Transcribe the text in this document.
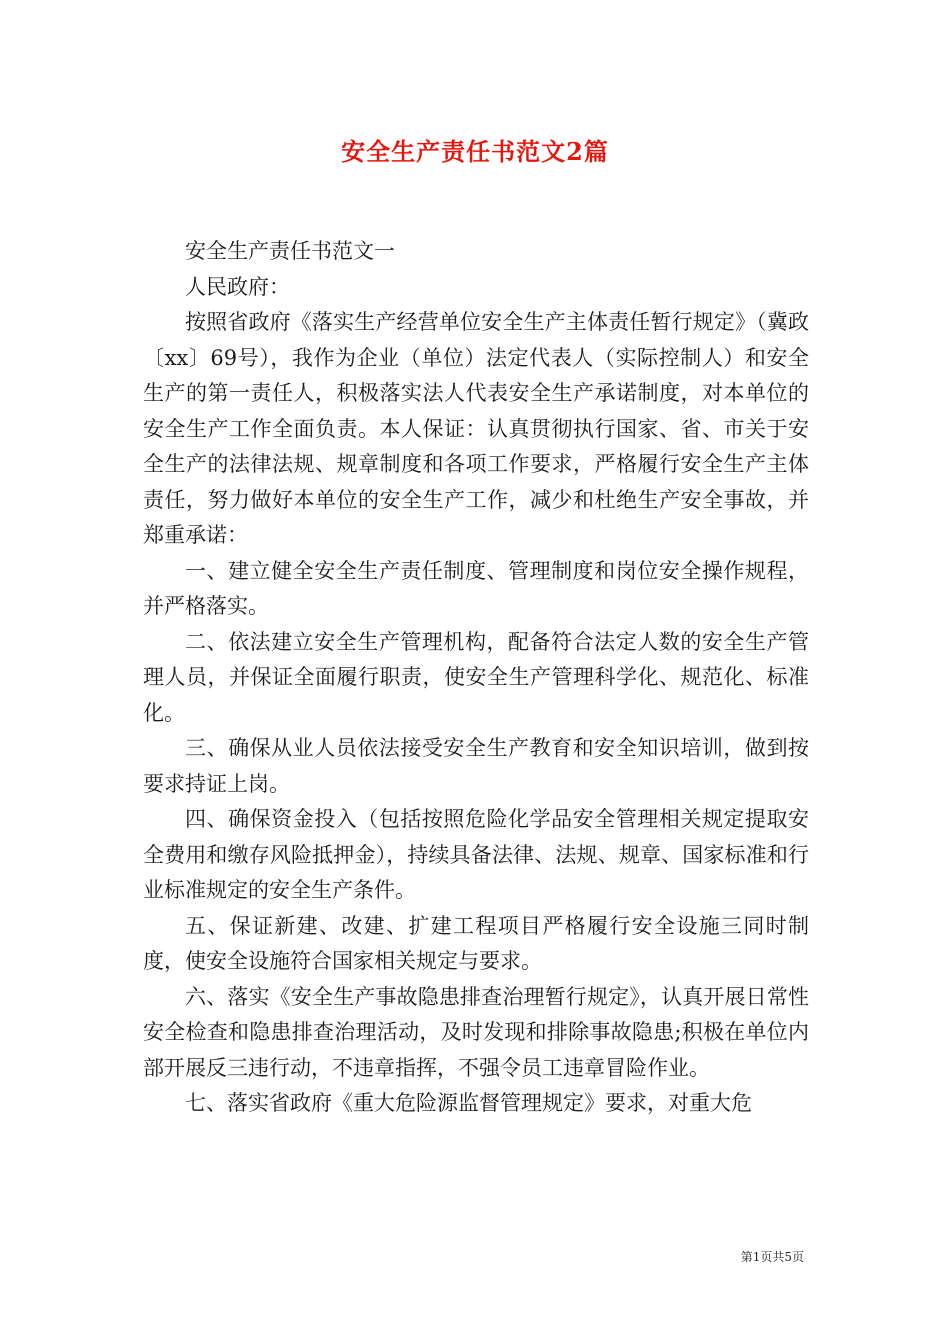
安全生产责任书范文2篇

安全生产责任书范文一

人民政府：

按照省政府《落实生产经营单位安全生产主体责任暂行规定》（冀政〔xx〕69号），我作为企业（单位）法定代表人（实际控制人）和安全生产的第一责任人，积极落实法人代表安全生产承诺制度，对本单位的安全生产工作全面负责。本人保证：认真贯彻执行国家、省、市关于安全生产的法律法规、规章制度和各项工作要求，严格履行安全生产主体责任，努力做好本单位的安全生产工作，减少和杜绝生产安全事故，并郑重承诺：

一、建立健全安全生产责任制度、管理制度和岗位安全操作规程，并严格落实。

二、依法建立安全生产管理机构，配备符合法定人数的安全生产管理人员，并保证全面履行职责，使安全生产管理科学化、规范化、标准化。

三、确保从业人员依法接受安全生产教育和安全知识培训，做到按要求持证上岗。

四、确保资金投入（包括按照危险化学品安全管理相关规定提取安全费用和缴存风险抵押金），持续具备法律、法规、规章、国家标准和行业标准规定的安全生产条件。

五、保证新建、改建、扩建工程项目严格履行安全设施三同时制度，使安全设施符合国家相关规定与要求。

六、落实《安全生产事故隐患排查治理暂行规定》，认真开展日常性安全检查和隐患排查治理活动，及时发现和排除事故隐患;积极在单位内部开展反三违行动，不违章指挥，不强令员工违章冒险作业。

七、落实省政府《重大危险源监督管理规定》要求，对重大危

第1页共5页
